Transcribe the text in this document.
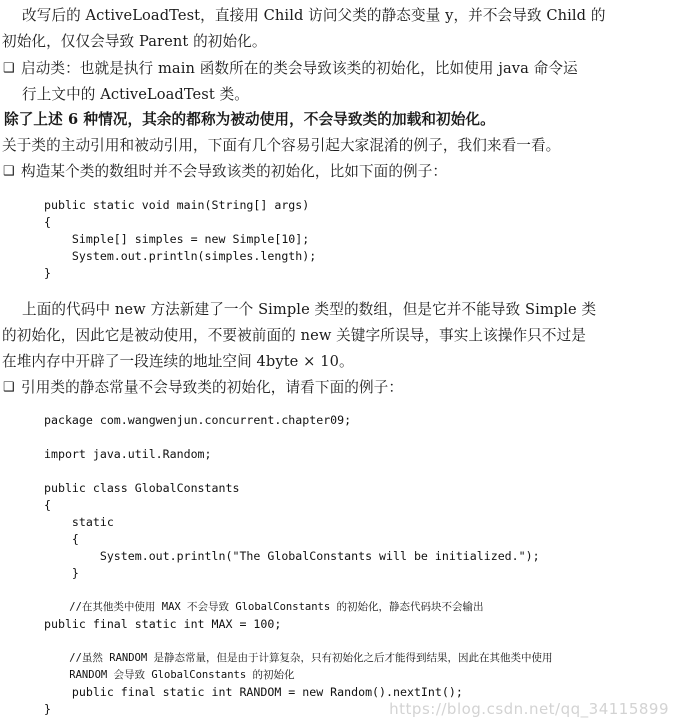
改写后的 ActiveLoadTest，直接用 Child 访问父类的静态变量 y，并不会导致 Child 的
初始化，仅仅会导致 Parent 的初始化。
❑ 启动类：也就是执行 main 函数所在的类会导致该类的初始化，比如使用 java 命令运
行上文中的 ActiveLoadTest 类。
除了上述 6 种情况，其余的都称为被动使用，不会导致类的加载和初始化。
关于类的主动引用和被动引用，下面有几个容易引起大家混淆的例子，我们来看一看。
❑ 构造某个类的数组时并不会导致该类的初始化，比如下面的例子：
public static void main(String[] args)
{
Simple[] simples = new Simple[10];
System.out.println(simples.length);
}
上面的代码中 new 方法新建了一个 Simple 类型的数组，但是它并不能导致 Simple 类
的初始化，因此它是被动使用，不要被前面的 new 关键字所误导，事实上该操作只不过是
在堆内存中开辟了一段连续的地址空间 4byte × 10。
❑ 引用类的静态常量不会导致类的初始化，请看下面的例子：
package com.wangwenjun.concurrent.chapter09;
import java.util.Random;
public class GlobalConstants
{
static
{
System.out.println("The GlobalConstants will be initialized.");
}
//在其他类中使用 MAX 不会导致 GlobalConstants 的初始化，静态代码块不会输出
public final static int MAX = 100;
//虽然 RANDOM 是静态常量，但是由于计算复杂，只有初始化之后才能得到结果，因此在其他类中使用
RANDOM 会导致 GlobalConstants 的初始化
public final static int RANDOM = new Random().nextInt();
}	https://blog.csdn.net/qq_34115899
